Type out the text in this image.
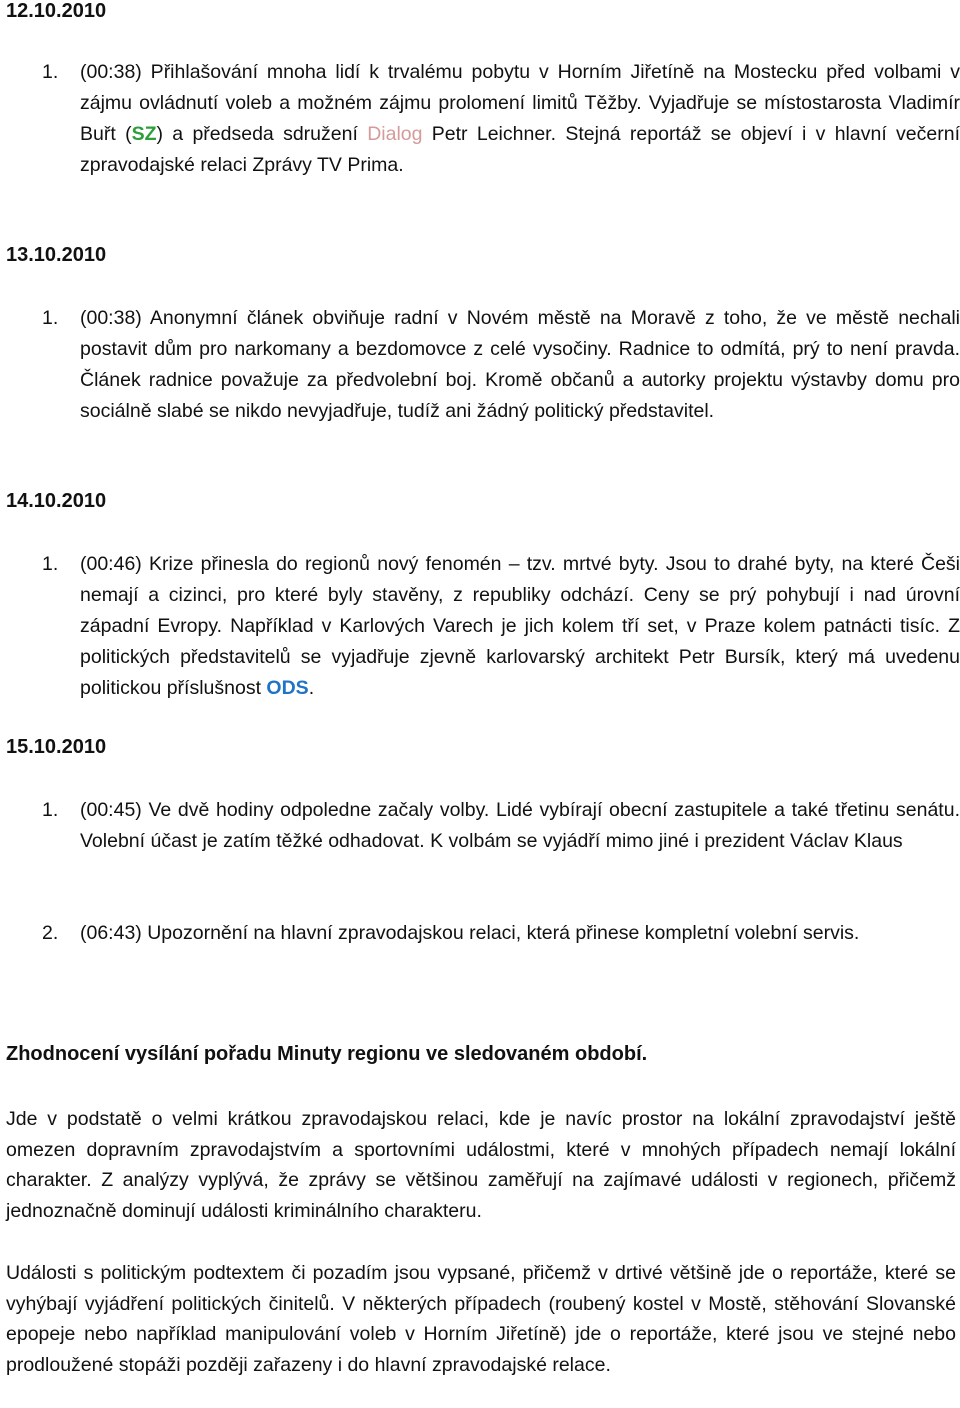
12.10.2010
1. (00:38) Přihlašování mnoha lidí k trvalému pobytu v Horním Jiřetíně na Mostecku před volbami v zájmu ovládnutí voleb a možném zájmu prolomení limitů Těžby. Vyjadřuje se místostarosta Vladimír Buřt (SZ) a předseda sdružení Dialog Petr Leichner. Stejná reportáž se objeví i v hlavní večerní zpravodajské relaci Zprávy TV Prima.
13.10.2010
1. (00:38) Anonymní článek obviňuje radní v Novém městě na Moravě z toho, že ve městě nechali postavit dům pro narkomany a bezdomovce z celé vysočiny. Radnice to odmítá, prý to není pravda. Článek radnice považuje za předvolební boj. Kromě občanů a autorky projektu výstavby domu pro sociálně slabé se nikdo nevyjadřuje, tudíž ani žádný politický představitel.
14.10.2010
1. (00:46) Krize přinesla do regionů nový fenomén – tzv. mrtvé byty. Jsou to drahé byty, na které Češi nemají a cizinci, pro které byly stavěny, z republiky odchází. Ceny se prý pohybují i nad úrovní západní Evropy. Například v Karlových Varech je jich kolem tří set, v Praze kolem patnácti tisíc. Z politických představitelů se vyjadřuje zjevně karlovarský architekt Petr Bursík, který má uvedenu politickou příslušnost ODS.
15.10.2010
1. (00:45) Ve dvě hodiny odpoledne začaly volby. Lidé vybírají obecní zastupitele a také třetinu senátu. Volební účast je zatím těžké odhadovat. K volbám se vyjádří mimo jiné i prezident Václav Klaus
2. (06:43) Upozornění na hlavní zpravodajskou relaci, která přinese kompletní volební servis.
Zhodnocení vysílání pořadu Minuty regionu ve sledovaném období.
Jde v podstatě o velmi krátkou zpravodajskou relaci, kde je navíc prostor na lokální zpravodajství ještě omezen dopravním zpravodajstvím a sportovními událostmi, které v mnohých případech nemají lokální charakter. Z analýzy vyplývá, že zprávy se většinou zaměřují na zajímavé události v regionech, přičemž jednoznačně dominují události kriminálního charakteru.
Události s politickým podtextem či pozadím jsou vypsané, přičemž v drtivé většině jde o reportáže, které se vyhýbají vyjádření politických činitelů. V některých případech (roubený kostel v Mostě, stěhování Slovanské epopeje nebo například manipulování voleb v Horním Jiřetíně) jde o reportáže, které jsou ve stejné nebo prodloužené stopáži později zařazeny i do hlavní zpravodajské relace.
